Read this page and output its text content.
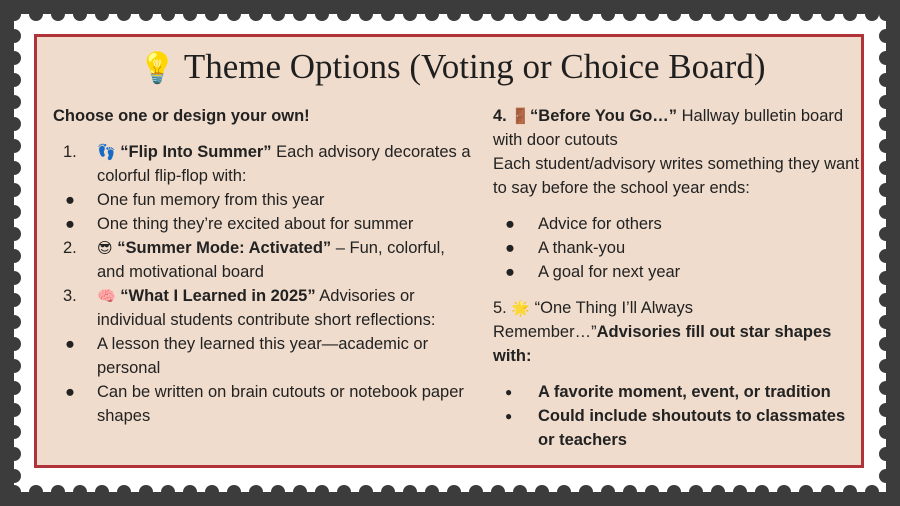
💡 Theme Options (Voting or Choice Board)
Choose one or design your own!
1.	👣 “Flip Into Summer” Each advisory decorates a colorful flip-flop with:
●	One fun memory from this year
●	One thing they’re excited about for summer
2.	😎 “Summer Mode: Activated” – Fun, colorful, and motivational board
3.	🧠 “What I Learned in 2025” Advisories or individual students contribute short reflections:
●	A lesson they learned this year—academic or personal
●	Can be written on brain cutouts or notebook paper shapes
4. 🚪“Before You Go…” Hallway bulletin board with door cutouts
Each student/advisory writes something they want to say before the school year ends:
●	Advice for others
●	A thank-you
●	A goal for next year
5. 🌟 “One Thing I’ll Always Remember…”Advisories fill out star shapes with:
●	A favorite moment, event, or tradition
●	Could include shoutouts to classmates or teachers
